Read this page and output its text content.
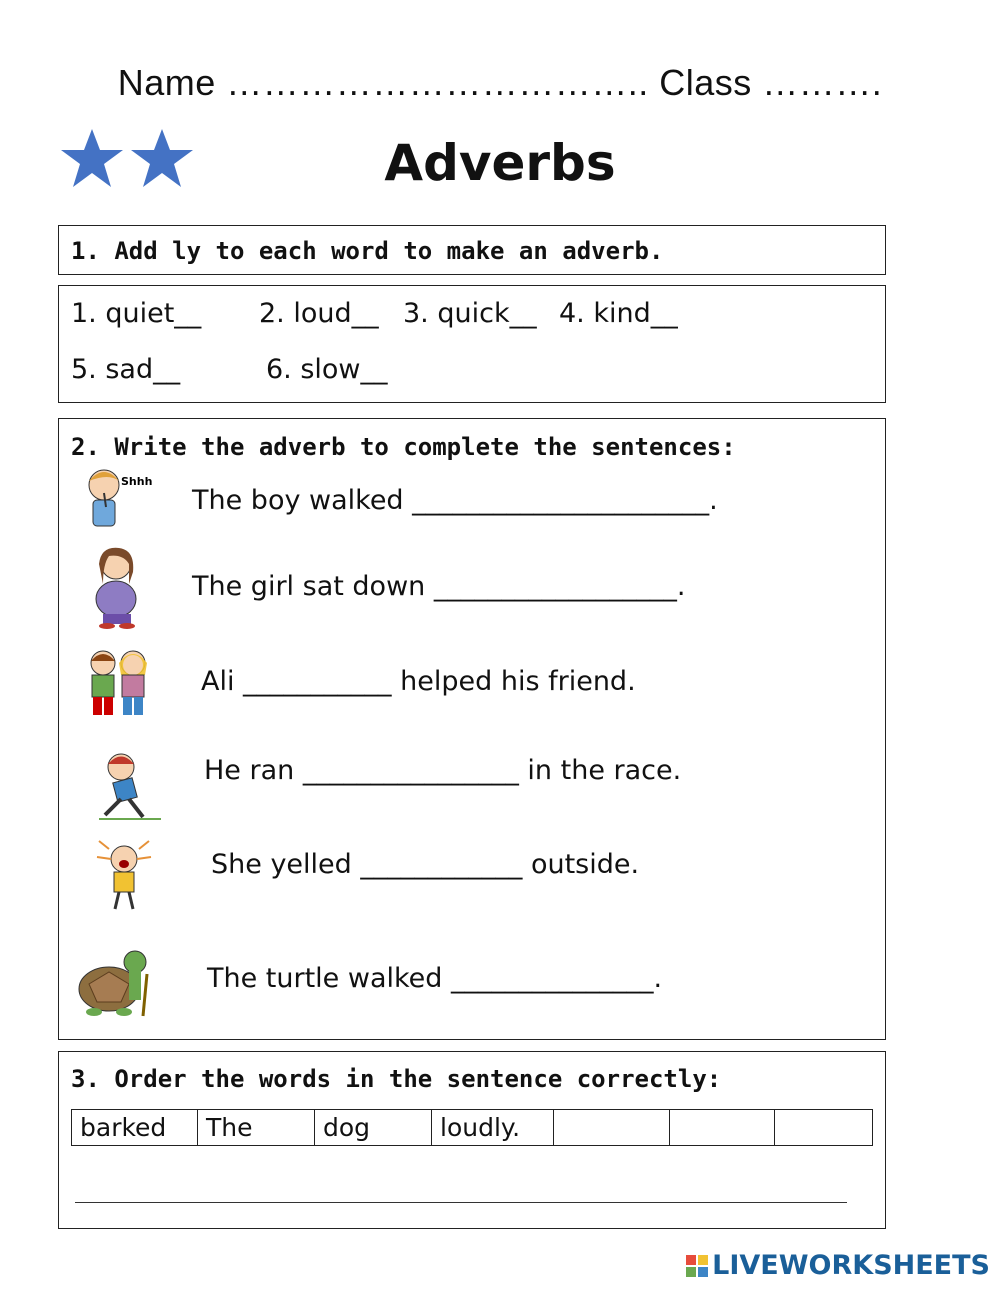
Name …………………………….. Class ……….
Adverbs
1. Add ly to each word to make an adverb.
1. quiet__ 2. loud__ 3. quick__ 4. kind__
5. sad__	6. slow__
2. Write the adverb to complete the sentences:
Shhh
The boy walked ______________________.
The girl sat down __________________.
Ali ___________ helped his friend.
He ran ________________ in the race.
She yelled ____________ outside.
The turtle walked _______________.
3. Order the words in the sentence correctly:
barked	The	dog	loudly.			
LIVEWORKSHEETS
